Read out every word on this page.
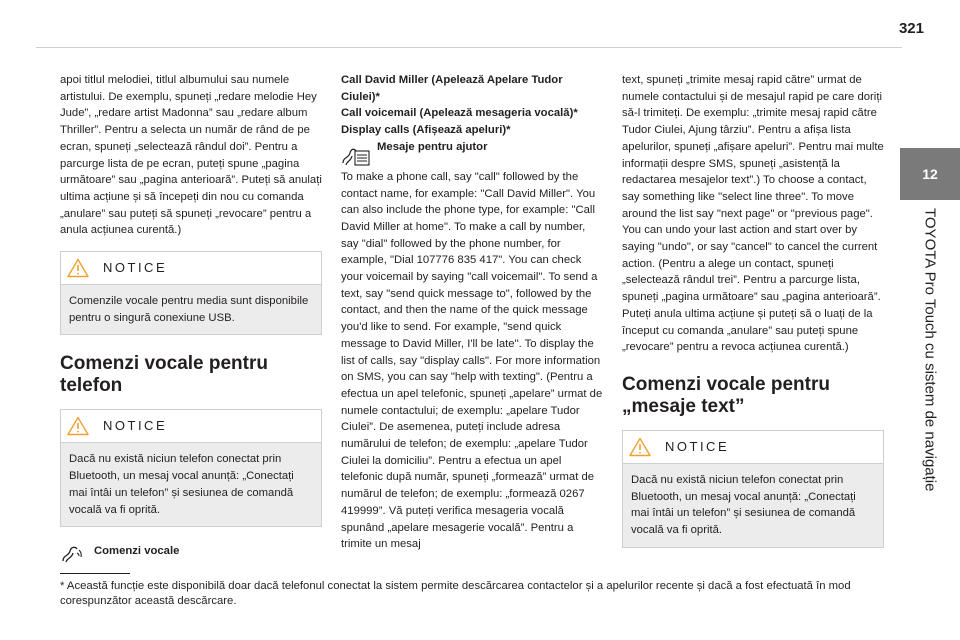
321
12
TOYOTA Pro Touch cu sistem de navigație

apoi titlul melodiei, titlul albumului sau numele artistului. De exemplu, spuneți „redare melodie Hey Jude”, „redare artist Madonna” sau „redare album Thriller”. Pentru a selecta un număr de rând de pe ecran, spuneți „selectează rândul doi”. Pentru a parcurge lista de pe ecran, puteți spune „pagina următoare” sau „pagina anterioară”. Puteți să anulați ultima acțiune și să începeți din nou cu comanda „anulare” sau puteți să spuneți „revocare” pentru a anula acțiunea curentă.)

NOTICE
Comenzile vocale pentru media sunt disponibile pentru o singură conexiune USB.
Comenzi vocale pentru telefon
NOTICE
Dacă nu există niciun telefon conectat prin Bluetooth, un mesaj vocal anunță: „Conectați mai întâi un telefon” și sesiunea de comandă vocală va fi oprită.
Comenzi vocale

Call David Miller (Apelează Apelare Tudor Ciulei)*

Call voicemail (Apelează mesageria vocală)*

Display calls (Afișează apeluri)*

Mesaje pentru ajutor

To make a phone call, say "call" followed by the contact name, for example: "Call David Miller". You can also include the phone type, for example: "Call David Miller at home". To make a call by number, say "dial" followed by the phone number, for example, "Dial 107776 835 417". You can check your voicemail by saying "call voicemail". To send a text, say "send quick message to", followed by the contact, and then the name of the quick message you'd like to send. For example, "send quick message to David Miller, I'll be late". To display the list of calls, say "display calls". For more information on SMS, you can say "help with texting". (Pentru a efectua un apel telefonic, spuneți „apelare” urmat de numele contactului; de exemplu: „apelare Tudor Ciulei”. De asemenea, puteți include adresa numărului de telefon; de exemplu: „apelare Tudor Ciulei la domiciliu”. Pentru a efectua un apel telefonic după număr, spuneți „formează” urmat de numărul de telefon; de exemplu: „formează 0267 419999”. Vă puteți verifica mesageria vocală spunând „apelare mesagerie vocală”. Pentru a trimite un mesaj

text, spuneți „trimite mesaj rapid către” urmat de numele contactului și de mesajul rapid pe care doriți să-l trimiteți. De exemplu: „trimite mesaj rapid către Tudor Ciulei, Ajung târziu”. Pentru a afișa lista apelurilor, spuneți „afișare apeluri”. Pentru mai multe informații despre SMS, spuneți „asistență la redactarea mesajelor text”.) To choose a contact, say something like "select line three". To move around the list say "next page" or "previous page". You can undo your last action and start over by saying "undo", or say "cancel" to cancel the current action. (Pentru a alege un contact, spuneți „selectează rândul trei”. Pentru a parcurge lista, spuneți „pagina următoare” sau „pagina anterioară”. Puteți anula ultima acțiune și puteți să o luați de la început cu comanda „anulare” sau puteți spune „revocare” pentru a revoca acțiunea curentă.)

Comenzi vocale pentru „mesaje text”
NOTICE
Dacă nu există niciun telefon conectat prin Bluetooth, un mesaj vocal anunță: „Conectați mai întâi un telefon” și sesiunea de comandă vocală va fi oprită.

* Această funcție este disponibilă doar dacă telefonul conectat la sistem permite descărcarea contactelor și a apelurilor recente și dacă a fost efectuată în mod corespunzător această descărcare.
